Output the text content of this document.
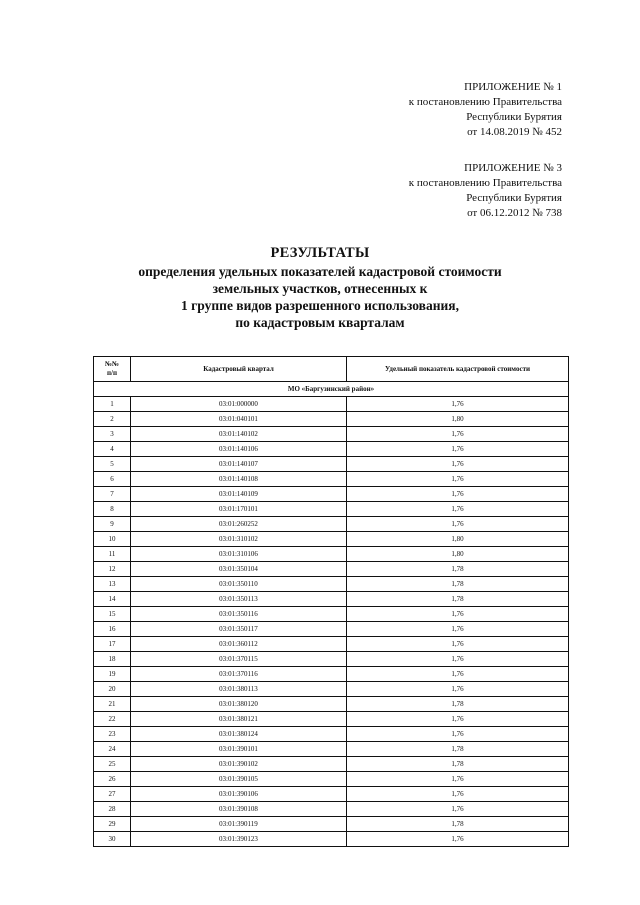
ПРИЛОЖЕНИЕ № 1
к постановлению Правительства
Республики Бурятия
от 14.08.2019 № 452
ПРИЛОЖЕНИЕ № 3
к постановлению Правительства
Республики Бурятия
от 06.12.2012 № 738
РЕЗУЛЬТАТЫ
определения удельных показателей кадастровой стоимости
земельных участков, отнесенных к
1 группе видов разрешенного использования,
по кадастровым кварталам
№№
п/п	Кадастровый квартал	Удельный показатель кадастровой стоимости
МО «Баргузинский район»		
1	03:01:000000	1,76
2	03:01:040101	1,80
3	03:01:140102	1,76
4	03:01:140106	1,76
5	03:01:140107	1,76
6	03:01:140108	1,76
7	03:01:140109	1,76
8	03:01:170101	1,76
9	03:01:260252	1,76
10	03:01:310102	1,80
11	03:01:310106	1,80
12	03:01:350104	1,78
13	03:01:350110	1,78
14	03:01:350113	1,78
15	03:01:350116	1,76
16	03:01:350117	1,76
17	03:01:360112	1,76
18	03:01:370115	1,76
19	03:01:370116	1,76
20	03:01:380113	1,76
21	03:01:380120	1,78
22	03:01:380121	1,76
23	03:01:380124	1,76
24	03:01:390101	1,78
25	03:01:390102	1,78
26	03:01:390105	1,76
27	03:01:390106	1,76
28	03:01:390108	1,76
29	03:01:390119	1,78
30	03:01:390123	1,76
